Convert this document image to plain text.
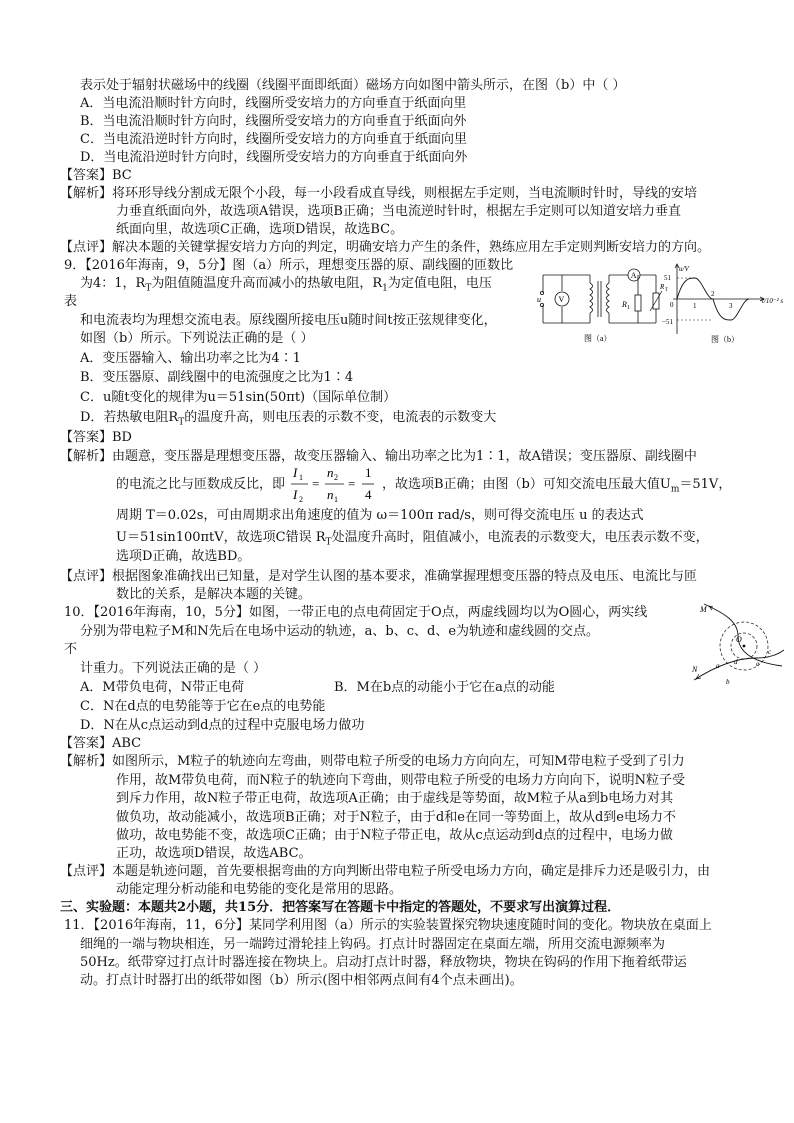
表示处于辐射状磁场中的线圈（线圈平面即纸面）磁场方向如图中箭头所示，在图（b）中（ ）
A．当电流沿顺时针方向时，线圈所受安培力的方向垂直于纸面向里
B．当电流沿顺时针方向时，线圈所受安培力的方向垂直于纸面向外
C．当电流沿逆时针方向时，线圈所受安培力的方向垂直于纸面向里
D．当电流沿逆时针方向时，线圈所受安培力的方向垂直于纸面向外
【答案】BC
【解析】将环形导线分割成无限个小段，每一小段看成直导线，则根据左手定则，当电流顺时针时，导线的安培
力垂直纸面向外，故选项A错误，选项B正确；当电流逆时针时，根据左手定则可以知道安培力垂直
纸面向里，故选项C正确，选项D错误，故选BC。
【点评】解决本题的关键掌握安培力方向的判定，明确安培力产生的条件，熟练应用左手定则判断安培力的方向。
9．【2016年海南，9，5分】图（a）所示，理想变压器的原、副线圈的匝数比
为4：1，$R_T$为阻值随温度升高而减小的热敏电阻，$R_1$为定值电阻，电压
表
和电流表均为理想交流电表。原线圈所接电压u随时间t按正弦规律变化，
如图（b）所示。下列说法正确的是（ ）
A．变压器输入、输出功率之比为4∶1
B．变压器原、副线圈中的电流强度之比为1∶4
C．u随t变化的规律为u＝51sin(50πt)（国际单位制）
D．若热敏电阻$R_T$的温度升高，则电压表的示数不变，电流表的示数变大
【答案】BD
【解析】由题意，变压器是理想变压器，故变压器输入、输出功率之比为1∶1，故A错误；变压器原、副线圈中
的电流之比与匝数成反比，即
I 1
I 2
=
n 2
n 1
=
1
4
，故选项B正确；由图（b）可知交流电压最大值$U_m=51V$，
周期 T＝0.02s，可由周期求出角速度的值为 ω＝100π rad/s，则可得交流电压 u 的表达式
U＝51sin100πtV，故选项C错误 $R_T$处温度升高时，阻值减小，电流表的示数变大，电压表示数不变，
选项D正确，故选BD。
【点评】根据图象准确找出已知量，是对学生认图的基本要求，准确掌握理想变压器的特点及电压、电流比与匝
数比的关系，是解决本题的关键。
u V
A
R 1
R T
图（a）
u/V
t/10⁻² s
51
−51
0	1
2
3
图（b）
10．【2016年海南，10，5分】如图，一带正电的点电荷固定于O点，两虚线圆均以为O圆心，两实线
分别为带电粒子M和N先后在电场中运动的轨迹，a、b、c、d、e为轨迹和虚线圆的交点。
不
计重力。下列说法正确的是（ ）
A．M带负电荷，N带正电荷	B．M在b点的动能小于它在a点的动能
C．N在d点的电势能等于它在e点的电势能
D．N在从c点运动到d点的过程中克服电场力做功
【答案】ABC
【解析】如图所示，M粒子的轨迹向左弯曲，则带电粒子所受的电场力方向向左，可知M带电粒子受到了引力
作用，故M带负电荷，而N粒子的轨迹向下弯曲，则带电粒子所受的电场力方向向下，说明N粒子受
到斥力作用，故N粒子带正电荷，故选项A正确；由于虚线是等势面，故M粒子从a到b电场力对其
做负功，故动能减小，故选项B正确；对于N粒子，由于d和e在同一等势面上，故从d到e电场力不
做功，故电势能不变，故选项C正确；由于N粒子带正电，故从c点运动到d点的过程中，电场力做
正功，故选项D错误，故选ABC。
【点评】本题是轨迹问题，首先要根据弯曲的方向判断出带电粒子所受电场力方向，确定是排斥力还是吸引力，由
动能定理分析动能和电势能的变化是常用的思路。
O
M
N	a
b
d	e
c
三、实验题：本题共2小题，共15分．把答案写在答题卡中指定的答题处，不要求写出演算过程．
11．【2016年海南，11，6分】某同学利用图（a）所示的实验装置探究物块速度随时间的变化。物块放在桌面上
细绳的一端与物块相连，另一端跨过滑轮挂上钩码。打点计时器固定在桌面左端，所用交流电源频率为
50Hz。纸带穿过打点计时器连接在物块上。启动打点计时器，释放物块，物块在钩码的作用下拖着纸带运
动。打点计时器打出的纸带如图（b）所示(图中相邻两点间有4个点未画出)。
